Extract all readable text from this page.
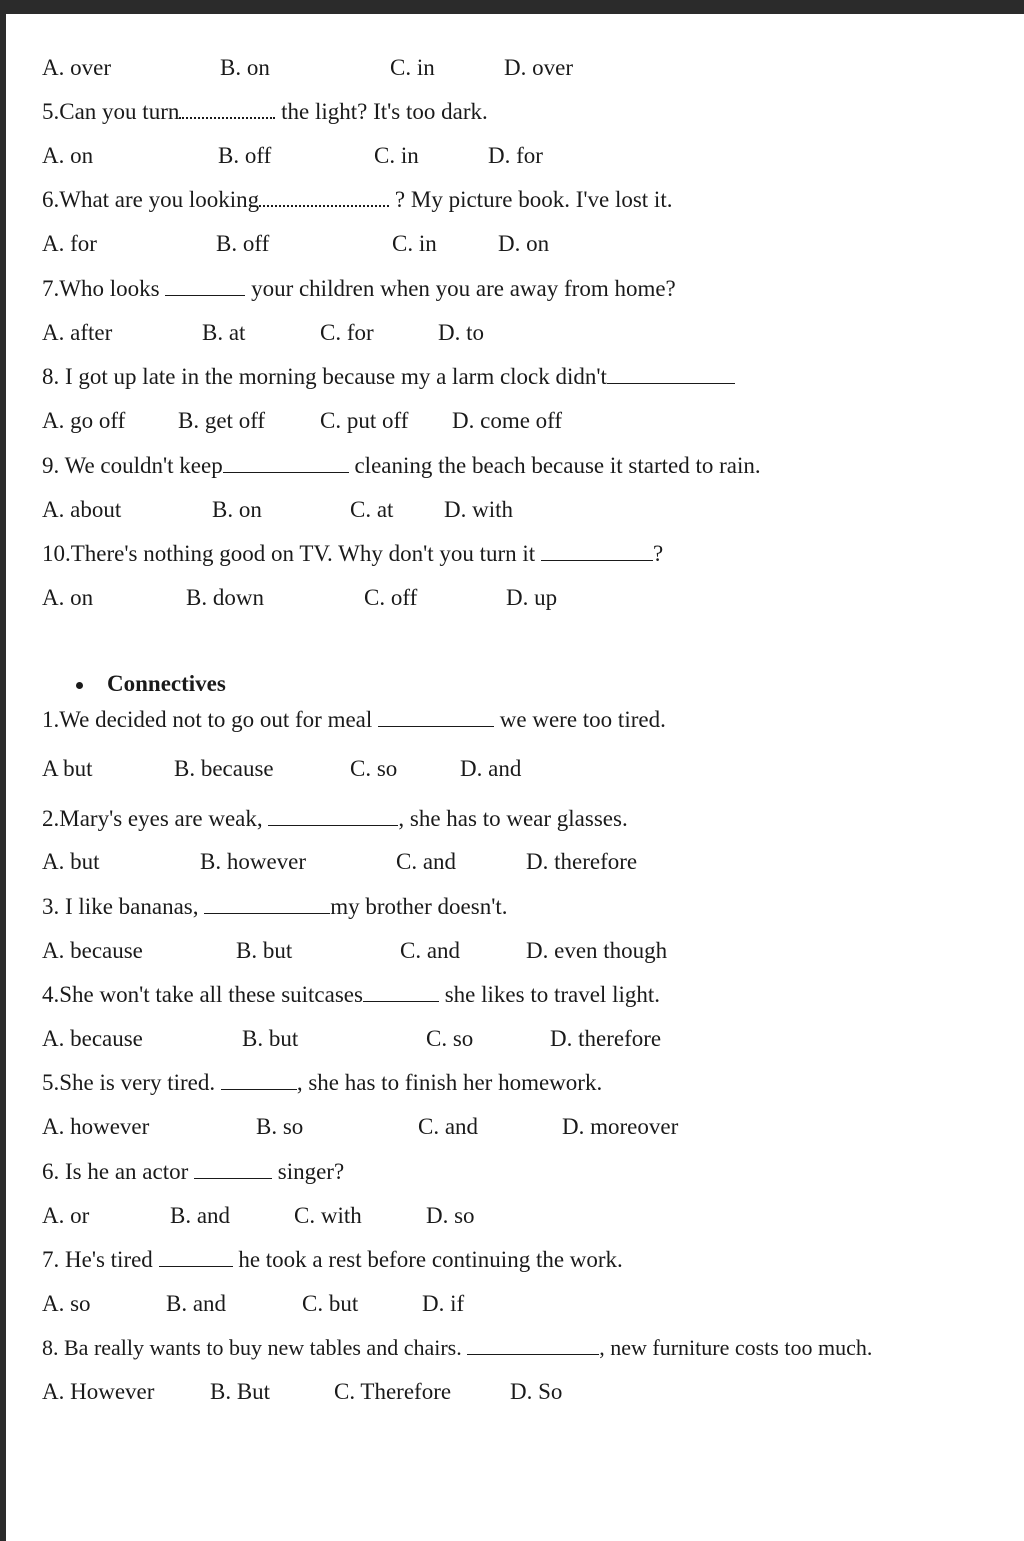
A. over	B. on	C. in	D. over
5.Can you turn	the light? It's too dark.
A. on	B. off	C. in	D. for
6.What are you looking	? My picture book. I've lost it.
A. for	B. off	C. in	D. on
7.Who looks	your children when you are away from home?
A. after	B. at	C. for	D. to
8. I got up late in the morning because my a larm clock didn't
A. go off B. get off C. put off D. come off
9. We couldn't keep	cleaning the beach because it started to rain.
A. about	B. on	C. at D. with
10.There's nothing good on TV. Why don't you turn it	?
A. on	B. down	C. off	D. up
Connectives
1.We decided not to go out for meal	we were too tired.
A but	B. because	C. so	D. and
2.Mary's eyes are weak,	, she has to wear glasses.
A. but	B. however	C. and	D. therefore
3. I like bananas,	my brother doesn't.
A. because	B. but	C. and	D. even though
4.She won't take all these suitcases	she likes to travel light.
A. because	B. but	C. so	D. therefore
5.She is very tired.	, she has to finish her homework.
A. however	B. so	C. and	D. moreover
6. Is he an actor	singer?
A. or	B. and	C. with	D. so
7. He's tired	he took a rest before continuing the work.
A. so	B. and	C. but	D. if
8. Ba really wants to buy new tables and chairs.	, new furniture costs too much.
A. However B. But	C. Therefore	D. So
